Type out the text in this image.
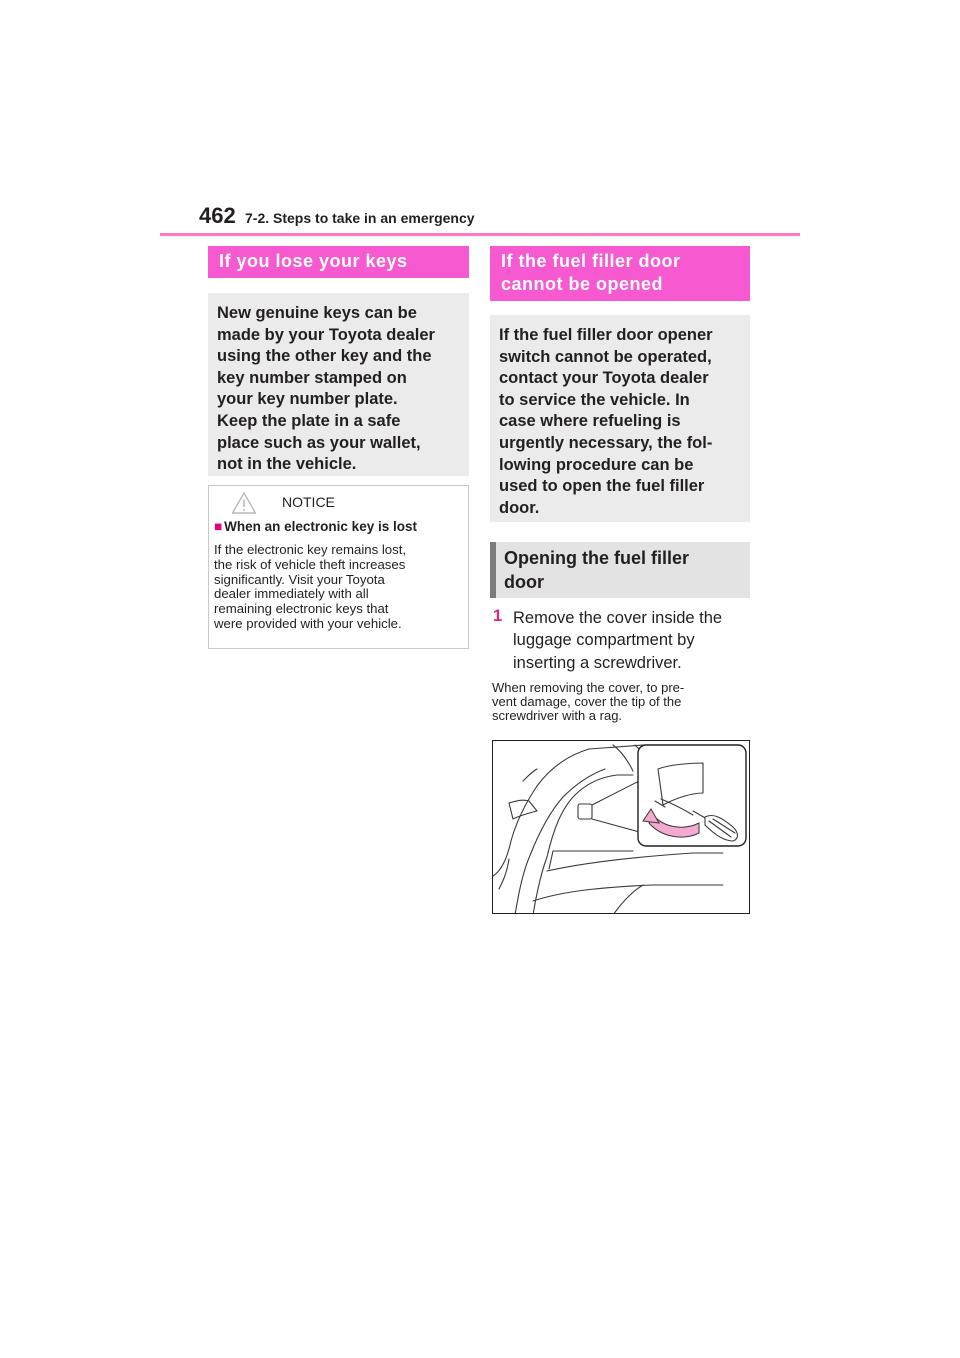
462 7-2. Steps to take in an emergency
If you lose your keys
New genuine keys can be
made by your Toyota dealer
using the other key and the
key number stamped on
your key number plate.
Keep the plate in a safe
place such as your wallet,
not in the vehicle.
NOTICE
■ When an electronic key is lost
If the electronic key remains lost,
the risk of vehicle theft increases
significantly. Visit your Toyota
dealer immediately with all
remaining electronic keys that
were provided with your vehicle.
If the fuel filler door
cannot be opened
If the fuel filler door opener
switch cannot be operated,
contact your Toyota dealer
to service the vehicle. In
case where refueling is
urgently necessary, the fol-
lowing procedure can be
used to open the fuel filler
door.
Opening the fuel filler
door
1 Remove the cover inside the
luggage compartment by
inserting a screwdriver.
When removing the cover, to pre-
vent damage, cover the tip of the
screwdriver with a rag.
